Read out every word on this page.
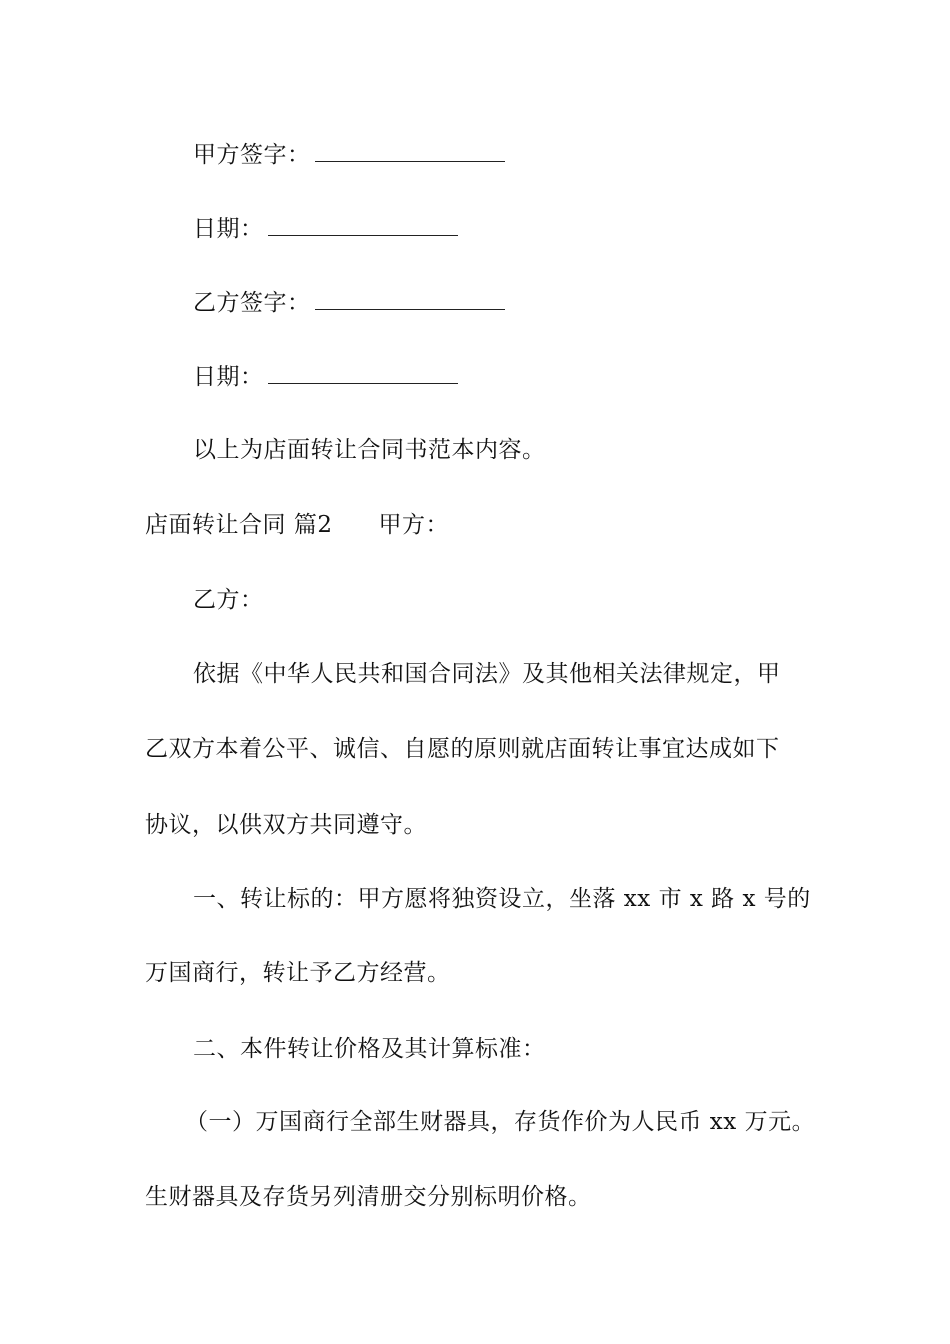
甲方签字：
日期：
乙方签字：
日期：
以上为店面转让合同书范本内容。
店面转让合同 篇2 甲方：
乙方：
依据《中华人民共和国合同法》及其他相关法律规定，甲
乙双方本着公平、诚信、自愿的原则就店面转让事宜达成如下
协议，以供双方共同遵守。
一、转让标的：甲方愿将独资设立，坐落 xx 市 x 路 x 号的
万国商行，转让予乙方经营。
二、本件转让价格及其计算标准：
（一）万国商行全部生财器具，存货作价为人民币 xx 万元。
生财器具及存货另列清册交分别标明价格。
